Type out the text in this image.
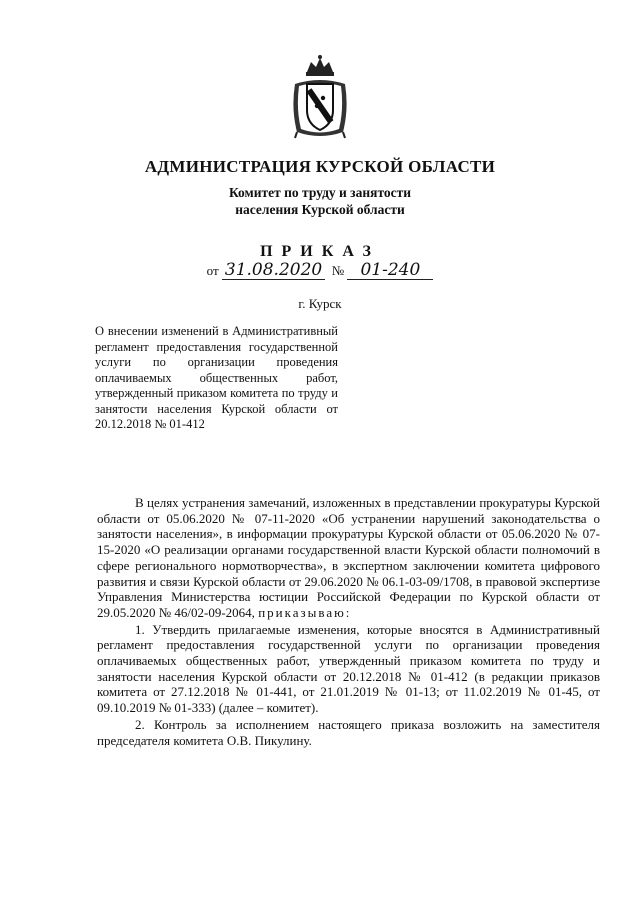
АДМИНИСТРАЦИЯ КУРСКОЙ ОБЛАСТИ
Комитет по труду и занятости
населения Курской области
ПРИКАЗ
от 31.08.2020 № 01-240
г. Курск
О внесении изменений в Административный регламент предоставления государственной услуги по организации проведения оплачиваемых общественных работ, утвержденный приказом комитета по труду и занятости населения Курской области от 20.12.2018 № 01-412

В целях устранения замечаний, изложенных в представлении прокуратуры Курской области от 05.06.2020 № 07-11-2020 «Об устранении нарушений законодательства о занятости населения», в информации прокуратуры Курской области от 05.06.2020 № 07-15-2020 «О реализации органами государственной власти Курской области полномочий в сфере регионального нормотворчества», в экспертном заключении комитета цифрового развития и связи Курской области от 29.06.2020 № 06.1-03-09/1708, в правовой экспертизе Управления Министерства юстиции Российской Федерации по Курской области от 29.05.2020 № 46/02-09-2064, приказываю:

1. Утвердить прилагаемые изменения, которые вносятся в Административный регламент предоставления государственной услуги по организации проведения оплачиваемых общественных работ, утвержденный приказом комитета по труду и занятости населения Курской области от 20.12.2018 № 01-412 (в редакции приказов комитета от 27.12.2018 № 01-441, от 21.01.2019 № 01-13; от 11.02.2019 № 01-45, от 09.10.2019 № 01-333) (далее – комитет).

2. Контроль за исполнением настоящего приказа возложить на заместителя председателя комитета О.В. Пикулину.
